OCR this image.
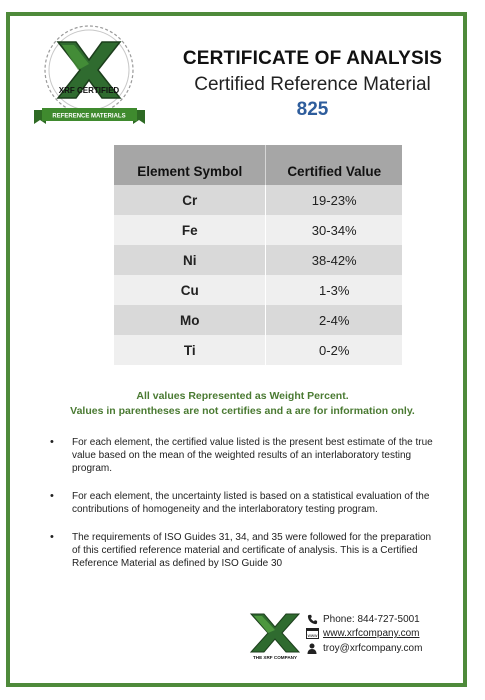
XRF CERTIFIED
REFERENCE MATERIALS
CERTIFICATE OF ANALYSIS
Certified Reference Material
825
Element Symbol	Certified Value
Cr	19-23%
Fe	30-34%
Ni	38-42%
Cu	1-3%
Mo	2-4%
Ti	0-2%
All values Represented as Weight Percent.
Values in parentheses are not certifies and a are for information only.
• For each element, the certified value listed is the present best estimate of the true value based on the mean of the weighted results of an interlaboratory testing program.
• For each element, the uncertainty listed is based on a statistical evaluation of the contributions of homogeneity and the interlaboratory testing program.
• The requirements of ISO Guides 31, 34, and 35 were followed for the preparation of this certified reference material and certificate of analysis. This is a Certified Reference Material as defined by ISO Guide 30
THE XRF COMPANY
Phone: 844-727-5001
www www.xrfcompany.com
troy@xrfcompany.com
